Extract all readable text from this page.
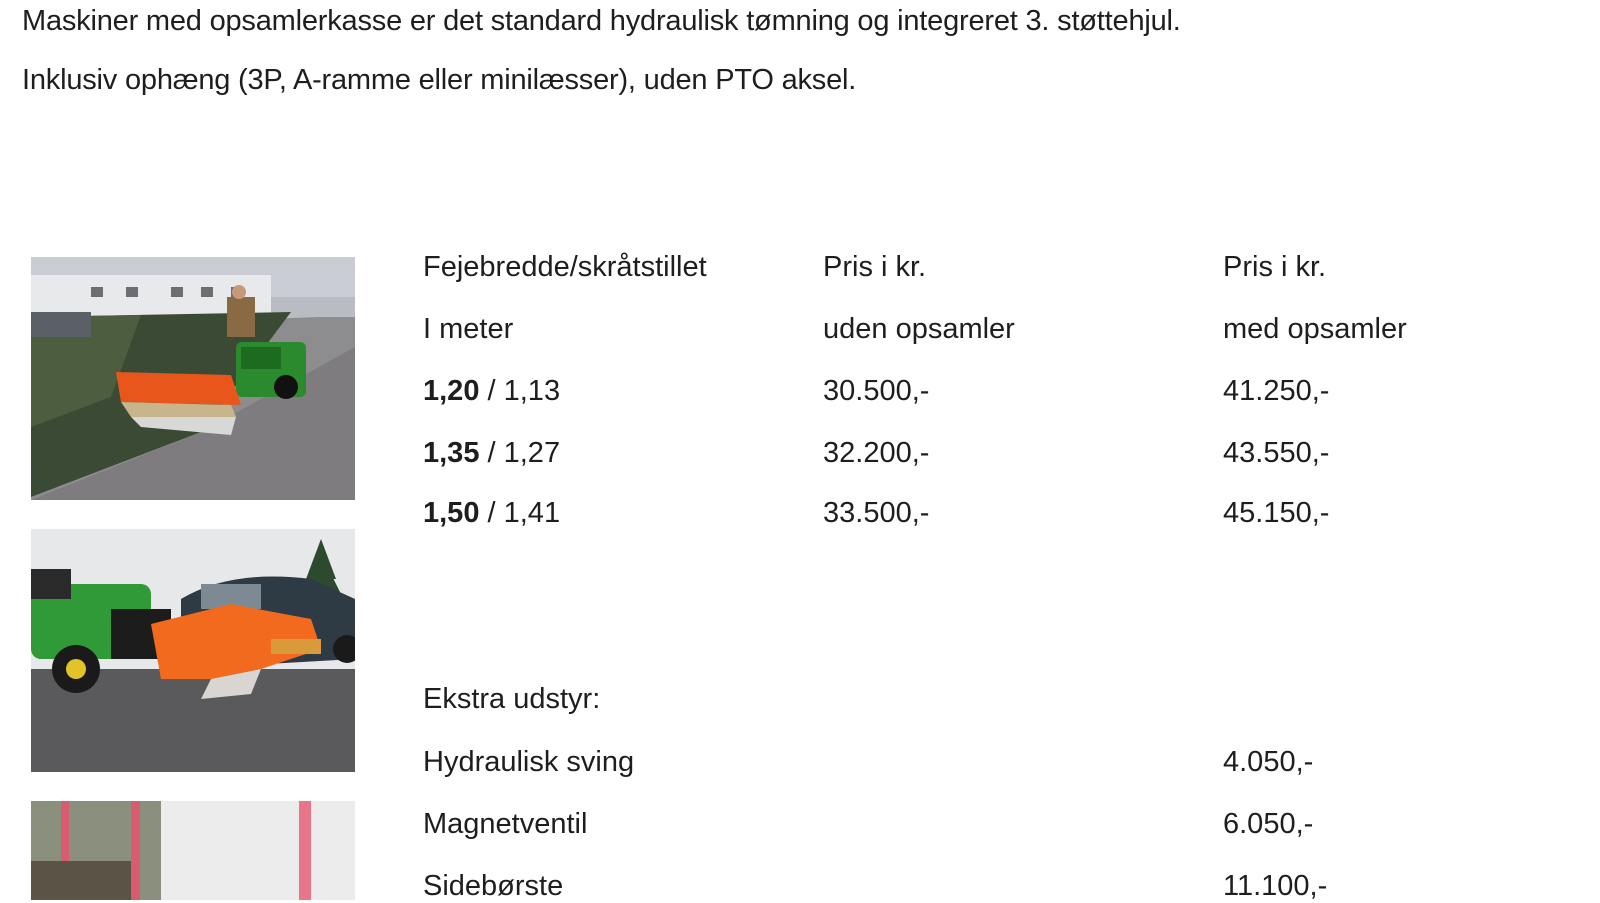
Maskiner med opsamlerkasse er det standard hydraulisk tømning og integreret 3. støttehjul.
Inklusiv ophæng (3P, A-ramme eller minilæsser), uden PTO aksel.
Fejebredde/skråtstillet	Pris i kr.	Pris i kr.
I meter	uden opsamler	med opsamler
1,20 / 1,13	30.500,-	41.250,-
1,35 / 1,27	32.200,-	43.550,-
1,50 / 1,41	33.500,-	45.150,-
Ekstra udstyr:
Hydraulisk sving	4.050,-
Magnetventil	6.050,-
Sidebørste	11.100,-
